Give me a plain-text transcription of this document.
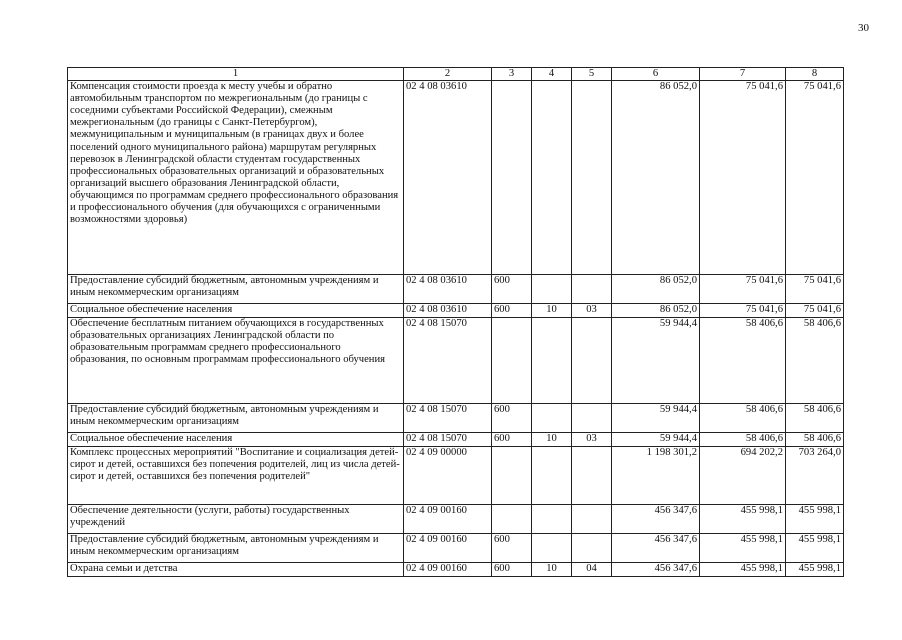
30
1	2	3	4	5	6	7	8
Компенсация стоимости проезда к месту учебы и обратно автомобильным транспортом по межрегиональным (до границы с соседними субъектами Российской Федерации), смежным межрегиональным (до границы с Санкт-Петербургом), межмуниципальным и муниципальным (в границах двух и более поселений одного муниципального района) маршрутам регулярных перевозок в Ленинградской области студентам государственных профессиональных образовательных организаций и образовательных организаций высшего образования Ленинградской области, обучающимся по программам среднего профессионального образования и профессионального обучения (для обучающихся с ограниченными возможностями здоровья)	02 4 08 03610				86 052,0	75 041,6	75 041,6
Предоставление субсидий бюджетным, автономным учреждениям и иным некоммерческим организациям	02 4 08 03610	600			86 052,0	75 041,6	75 041,6
Социальное обеспечение населения	02 4 08 03610	600	10	03	86 052,0	75 041,6	75 041,6
Обеспечение бесплатным питанием обучающихся в государственных образовательных организациях Ленинградской области по образовательным программам среднего профессионального образования, по основным программам профессионального обучения	02 4 08 15070				59 944,4	58 406,6	58 406,6
Предоставление субсидий бюджетным, автономным учреждениям и иным некоммерческим организациям	02 4 08 15070	600			59 944,4	58 406,6	58 406,6
Социальное обеспечение населения	02 4 08 15070	600	10	03	59 944,4	58 406,6	58 406,6
Комплекс процессных мероприятий "Воспитание и социализация детей-сирот и детей, оставшихся без попечения родителей, лиц из числа детей-сирот и детей, оставшихся без попечения родителей"	02 4 09 00000				1 198 301,2	694 202,2	703 264,0
Обеспечение деятельности (услуги, работы) государственных учреждений	02 4 09 00160				456 347,6	455 998,1	455 998,1
Предоставление субсидий бюджетным, автономным учреждениям и иным некоммерческим организациям	02 4 09 00160	600			456 347,6	455 998,1	455 998,1
Охрана семьи и детства	02 4 09 00160	600	10	04	456 347,6	455 998,1	455 998,1
